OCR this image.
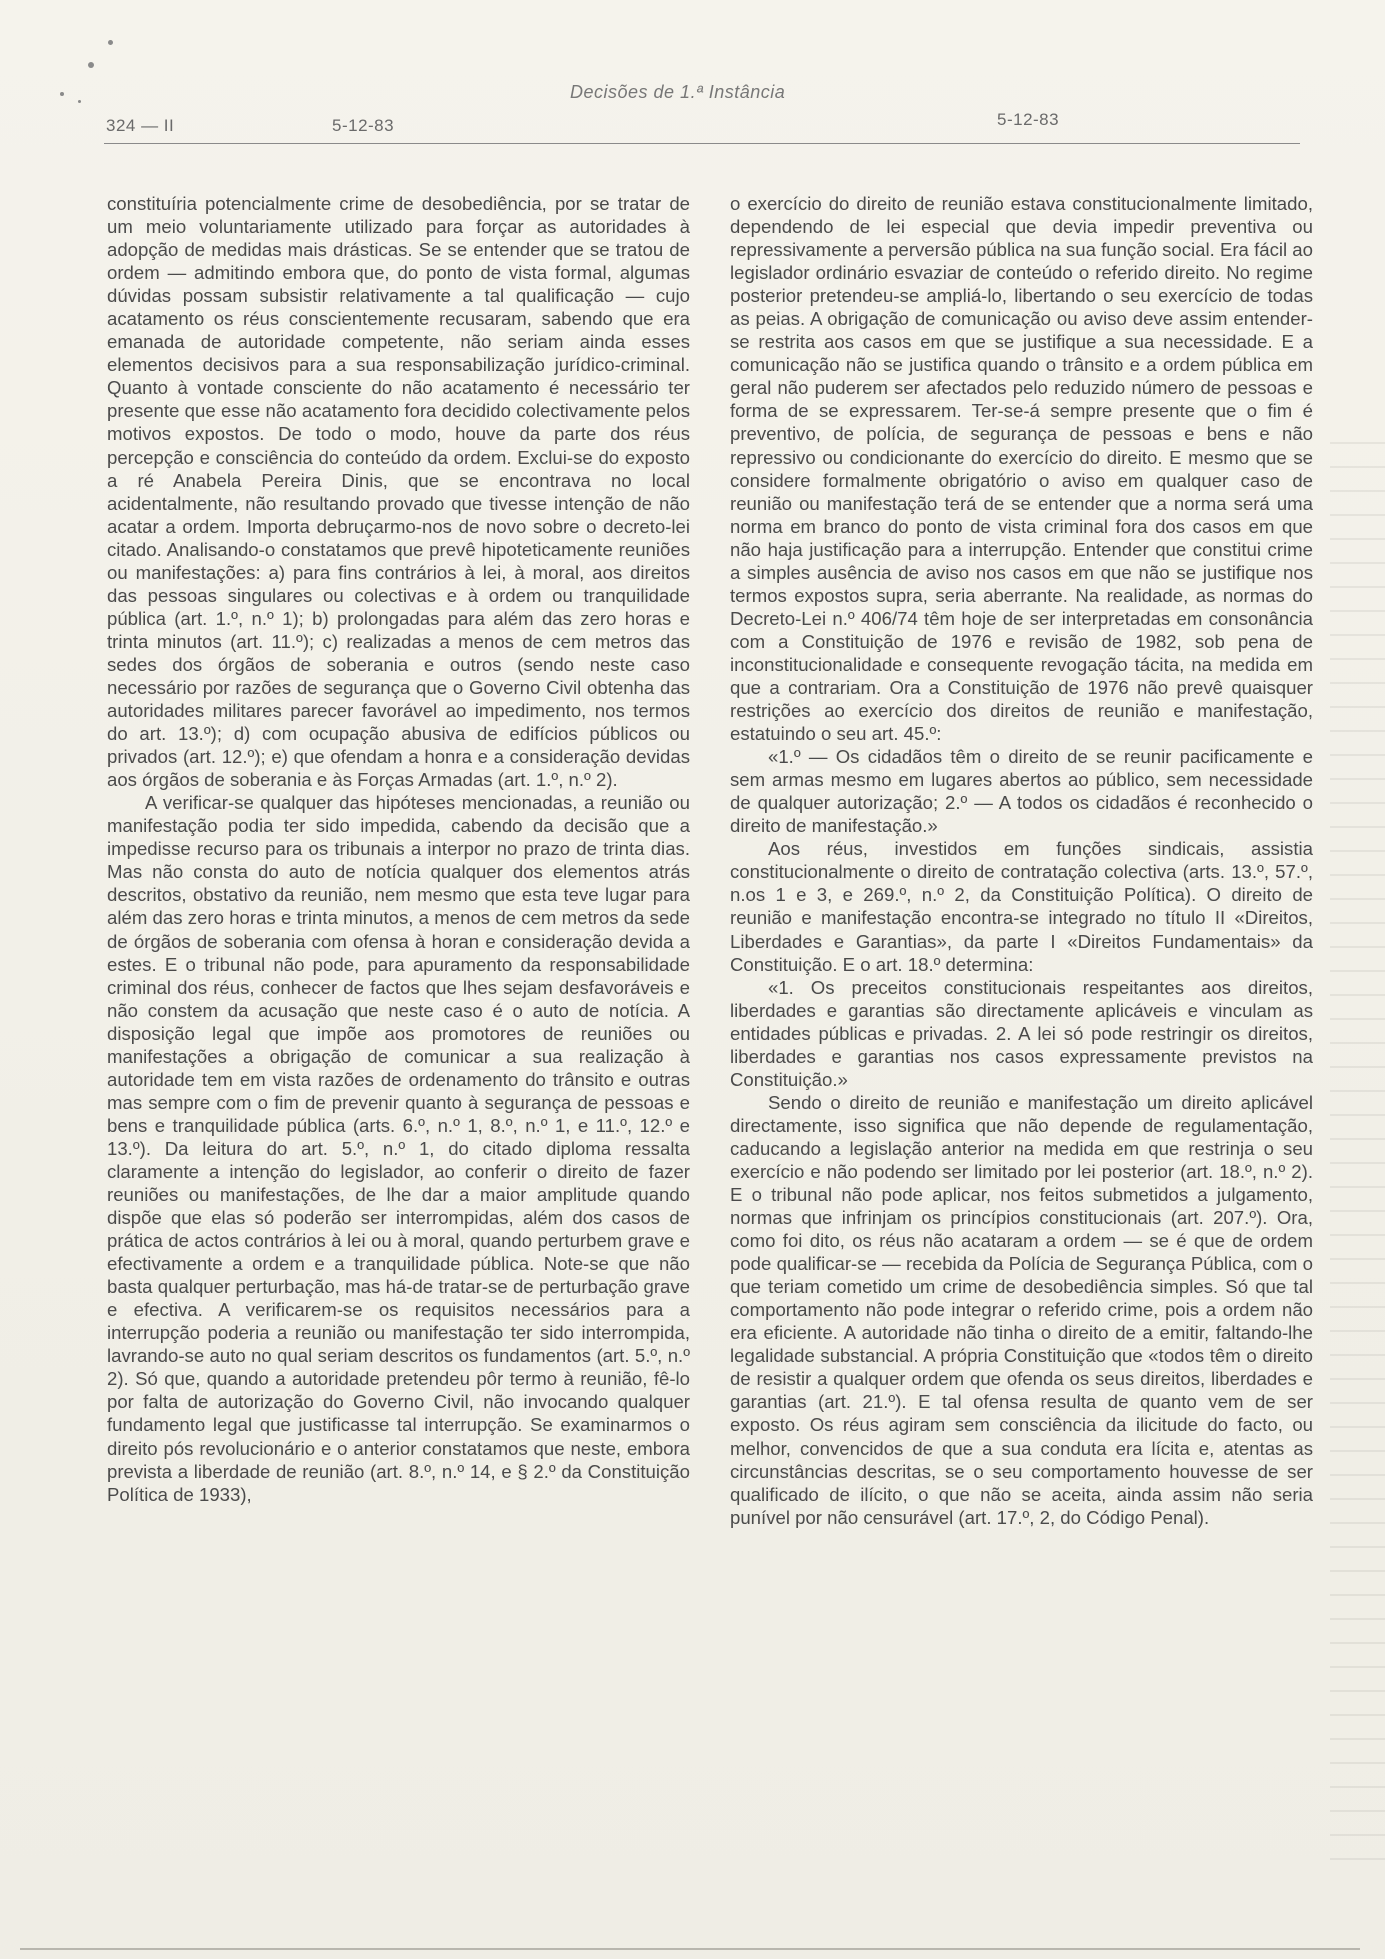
324 — II	5-12-83
Decisões de 1.ª Instância
5-12-83

constituíria potencialmente crime de desobediência, por se tratar de um meio voluntariamente utilizado para forçar as autoridades à adopção de medidas mais drásticas. Se se entender que se tratou de ordem — admitindo embora que, do ponto de vista formal, algumas dúvidas possam subsistir relativamente a tal qualificação — cujo acatamento os réus conscientemente recusaram, sabendo que era emanada de autoridade competente, não seriam ainda esses elementos decisivos para a sua responsabilização jurídico-criminal. Quanto à vontade consciente do não acatamento é necessário ter presente que esse não acatamento fora decidido colectivamente pelos motivos expostos. De todo o modo, houve da parte dos réus percepção e consciência do conteúdo da ordem. Exclui-se do exposto a ré Anabela Pereira Dinis, que se encontrava no local acidentalmente, não resultando provado que tivesse intenção de não acatar a ordem. Importa debruçarmo-nos de novo sobre o decreto-lei citado. Analisando-o constatamos que prevê hipoteticamente reuniões ou manifestações: a) para fins contrários à lei, à moral, aos direitos das pessoas singulares ou colectivas e à ordem ou tranquilidade pública (art. 1.º, n.º 1); b) prolongadas para além das zero horas e trinta minutos (art. 11.º); c) realizadas a menos de cem metros das sedes dos órgãos de soberania e outros (sendo neste caso necessário por razões de segurança que o Governo Civil obtenha das autoridades militares parecer favorável ao impedimento, nos termos do art. 13.º); d) com ocupação abusiva de edifícios públicos ou privados (art. 12.º); e) que ofendam a honra e a consideração devidas aos órgãos de soberania e às Forças Armadas (art. 1.º, n.º 2).

A verificar-se qualquer das hipóteses mencionadas, a reunião ou manifestação podia ter sido impedida, cabendo da decisão que a impedisse recurso para os tribunais a interpor no prazo de trinta dias. Mas não consta do auto de notícia qualquer dos elementos atrás descritos, obstativo da reunião, nem mesmo que esta teve lugar para além das zero horas e trinta minutos, a menos de cem metros da sede de órgãos de soberania com ofensa à horan e consideração devida a estes. E o tribunal não pode, para apuramento da responsabilidade criminal dos réus, conhecer de factos que lhes sejam desfavoráveis e não constem da acusação que neste caso é o auto de notícia. A disposição legal que impõe aos promotores de reuniões ou manifestações a obrigação de comunicar a sua realização à autoridade tem em vista razões de ordenamento do trânsito e outras mas sempre com o fim de prevenir quanto à segurança de pessoas e bens e tranquilidade pública (arts. 6.º, n.º 1, 8.º, n.º 1, e 11.º, 12.º e 13.º). Da leitura do art. 5.º, n.º 1, do citado diploma ressalta claramente a intenção do legislador, ao conferir o direito de fazer reuniões ou manifestações, de lhe dar a maior amplitude quando dispõe que elas só poderão ser interrompidas, além dos casos de prática de actos contrários à lei ou à moral, quando perturbem grave e efectivamente a ordem e a tranquilidade pública. Note-se que não basta qualquer perturbação, mas há-de tratar-se de perturbação grave e efectiva. A verificarem-se os requisitos necessários para a interrupção poderia a reunião ou manifestação ter sido interrompida, lavrando-se auto no qual seriam descritos os fundamentos (art. 5.º, n.º 2). Só que, quando a autoridade pretendeu pôr termo à reunião, fê-lo por falta de autorização do Governo Civil, não invocando qualquer fundamento legal que justificasse tal interrupção. Se examinarmos o direito pós revolucionário e o anterior constatamos que neste, embora prevista a liberdade de reunião (art. 8.º, n.º 14, e § 2.º da Constituição Política de 1933),

o exercício do direito de reunião estava constitucionalmente limitado, dependendo de lei especial que devia impedir preventiva ou repressivamente a perversão pública na sua função social. Era fácil ao legislador ordinário esvaziar de conteúdo o referido direito. No regime posterior pretendeu-se ampliá-lo, libertando o seu exercício de todas as peias. A obrigação de comunicação ou aviso deve assim entender-se restrita aos casos em que se justifique a sua necessidade. E a comunicação não se justifica quando o trânsito e a ordem pública em geral não puderem ser afectados pelo reduzido número de pessoas e forma de se expressarem. Ter-se-á sempre presente que o fim é preventivo, de polícia, de segurança de pessoas e bens e não repressivo ou condicionante do exercício do direito. E mesmo que se considere formalmente obrigatório o aviso em qualquer caso de reunião ou manifestação terá de se entender que a norma será uma norma em branco do ponto de vista criminal fora dos casos em que não haja justificação para a interrupção. Entender que constitui crime a simples ausência de aviso nos casos em que não se justifique nos termos expostos supra, seria aberrante. Na realidade, as normas do Decreto-Lei n.º 406/74 têm hoje de ser interpretadas em consonância com a Constituição de 1976 e revisão de 1982, sob pena de inconstitucionalidade e consequente revogação tácita, na medida em que a contrariam. Ora a Constituição de 1976 não prevê quaisquer restrições ao exercício dos direitos de reunião e manifestação, estatuindo o seu art. 45.º:

«1.º — Os cidadãos têm o direito de se reunir pacificamente e sem armas mesmo em lugares abertos ao público, sem necessidade de qualquer autorização; 2.º — A todos os cidadãos é reconhecido o direito de manifestação.»

Aos réus, investidos em funções sindicais, assistia constitucionalmente o direito de contratação colectiva (arts. 13.º, 57.º, n.os 1 e 3, e 269.º, n.º 2, da Constituição Política). O direito de reunião e manifestação encontra-se integrado no título II «Direitos, Liberdades e Garantias», da parte I «Direitos Fundamentais» da Constituição. E o art. 18.º determina:

«1. Os preceitos constitucionais respeitantes aos direitos, liberdades e garantias são directamente aplicáveis e vinculam as entidades públicas e privadas. 2. A lei só pode restringir os direitos, liberdades e garantias nos casos expressamente previstos na Constituição.»

Sendo o direito de reunião e manifestação um direito aplicável directamente, isso significa que não depende de regulamentação, caducando a legislação anterior na medida em que restrinja o seu exercício e não podendo ser limitado por lei posterior (art. 18.º, n.º 2). E o tribunal não pode aplicar, nos feitos submetidos a julgamento, normas que infrinjam os princípios constitucionais (art. 207.º). Ora, como foi dito, os réus não acataram a ordem — se é que de ordem pode qualificar-se — recebida da Polícia de Segurança Pública, com o que teriam cometido um crime de desobediência simples. Só que tal comportamento não pode integrar o referido crime, pois a ordem não era eficiente. A autoridade não tinha o direito de a emitir, faltando-lhe legalidade substancial. A própria Constituição que «todos têm o direito de resistir a qualquer ordem que ofenda os seus direitos, liberdades e garantias (art. 21.º). E tal ofensa resulta de quanto vem de ser exposto. Os réus agiram sem consciência da ilicitude do facto, ou melhor, convencidos de que a sua conduta era lícita e, atentas as circunstâncias descritas, se o seu comportamento houvesse de ser qualificado de ilícito, o que não se aceita, ainda assim não seria punível por não censurável (art. 17.º, 2, do Código Penal).
